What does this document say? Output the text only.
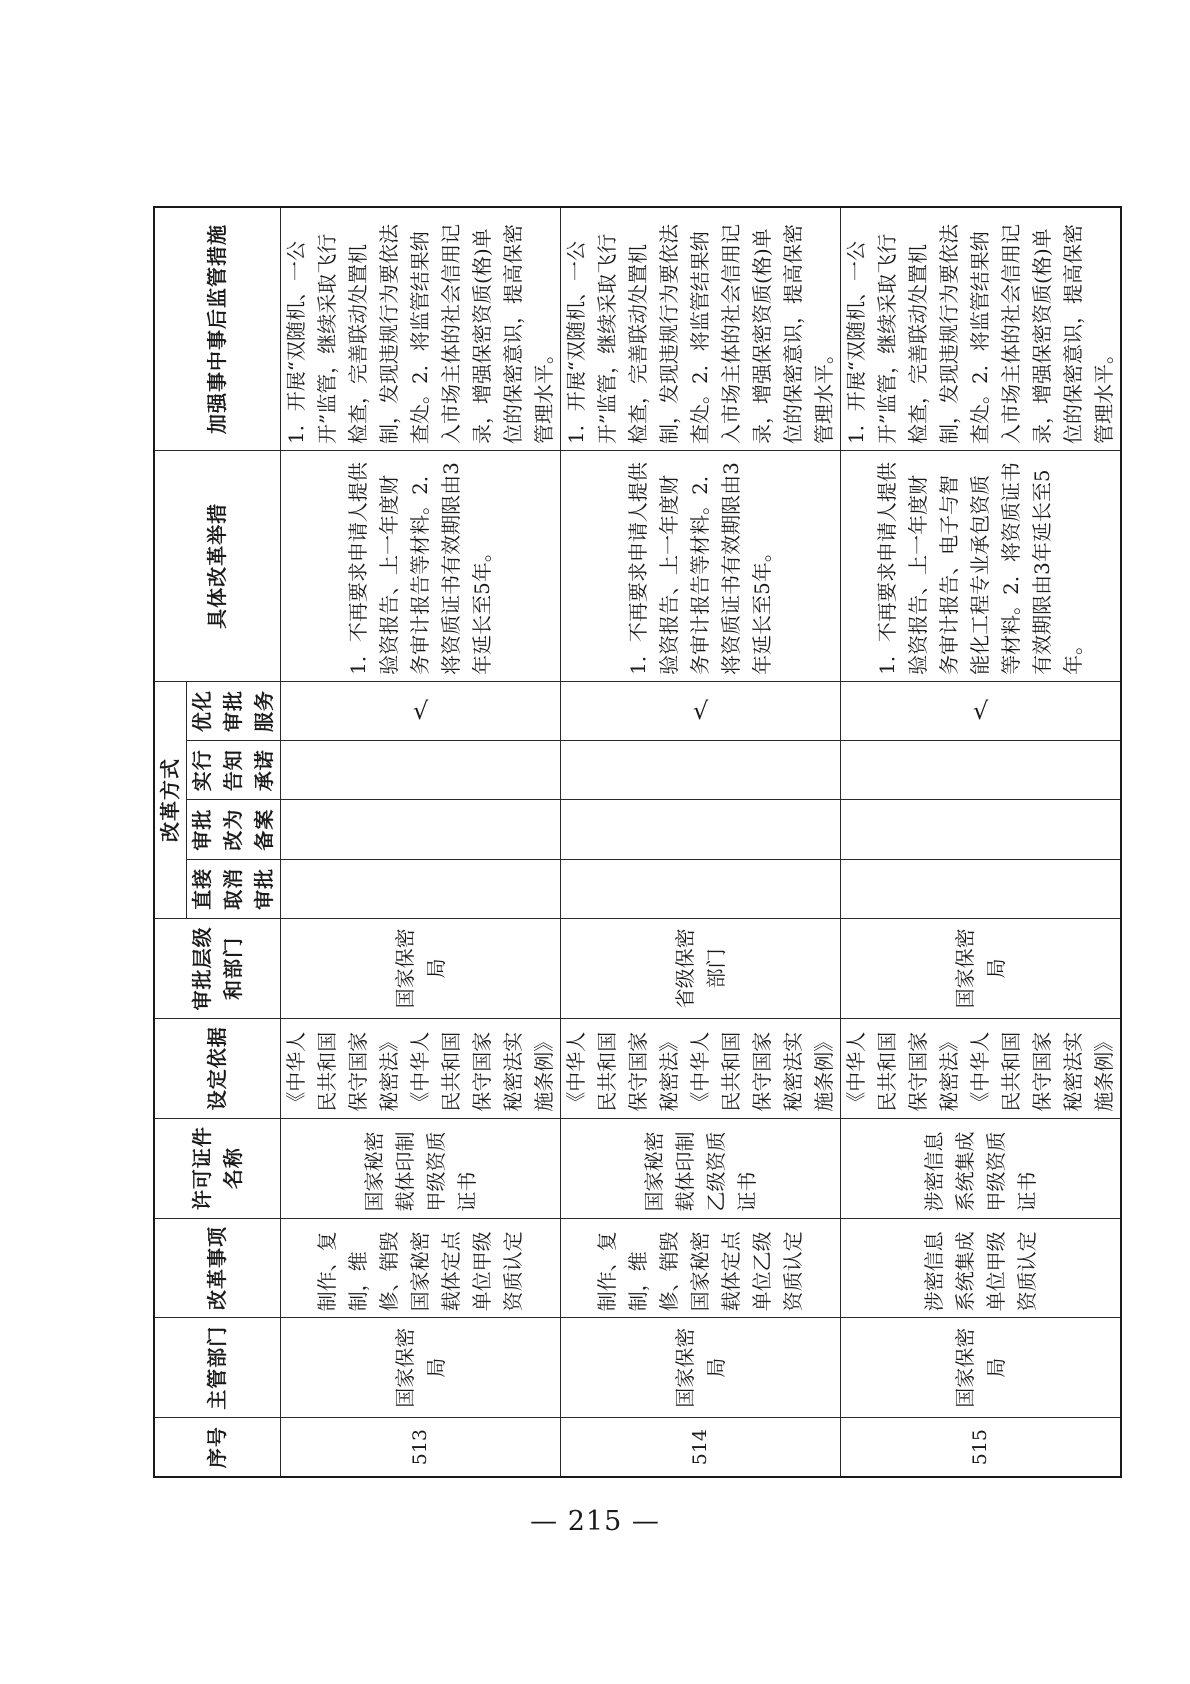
序号	主管部门	改革事项	许可证件名称	设定依据	审批层级和部门	改革方式				具体改革举措	加强事中事后监管措施
						直接取消审批	审批改为备案	实行告知承诺	优化审批服务		
513	国家保密局	制作、复制，维修、销毁国家秘密载体定点单位甲级资质认定	国家秘密载体印制甲级资质证书	《中华人民共和国保守国家秘密法》《中华人民共和国保守国家秘密法实施条例》	国家保密局				√	1．不再要求申请人提供验资报告、上一年度财务审计报告等材料。2．将资质证书有效期限由3年延长至5年。	1．开展“双随机、一公开”监管，继续采取飞行检查，完善联动处置机制，发现违规行为要依法查处。2．将监管结果纳入市场主体的社会信用记录，增强保密资质(格)单位的保密意识，提高保密管理水平。
514	国家保密局	制作、复制，维修、销毁国家秘密载体定点单位乙级资质认定	国家秘密载体印制乙级资质证书	《中华人民共和国保守国家秘密法》《中华人民共和国保守国家秘密法实施条例》	省级保密部门				√	1．不再要求申请人提供验资报告、上一年度财务审计报告等材料。2．将资质证书有效期限由3年延长至5年。	1．开展“双随机、一公开”监管，继续采取飞行检查，完善联动处置机制，发现违规行为要依法查处。2．将监管结果纳入市场主体的社会信用记录，增强保密资质(格)单位的保密意识，提高保密管理水平。
515	国家保密局	涉密信息系统集成单位甲级资质认定	涉密信息系统集成甲级资质证书	《中华人民共和国保守国家秘密法》《中华人民共和国保守国家秘密法实施条例》	国家保密局				√	1．不再要求申请人提供验资报告、上一年度财务审计报告、电子与智能化工程专业承包资质等材料。2．将资质证书有效期限由3年延长至5年。	1．开展“双随机、一公开”监管，继续采取飞行检查，完善联动处置机制，发现违规行为要依法查处。2．将监管结果纳入市场主体的社会信用记录，增强保密资质(格)单位的保密意识，提高保密管理水平。
— 215 —
